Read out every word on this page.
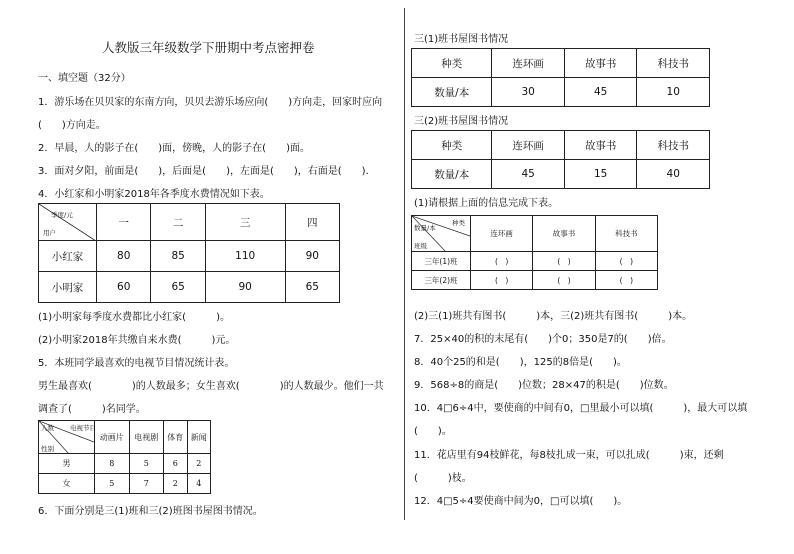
人教版三年级数学下册期中考点密押卷
一、填空题（32分）
1．游乐场在贝贝家的东南方向，贝贝去游乐场应向(　　)方向走，回家时应向
(　　)方向走。
2．早晨，人的影子在(　　)面，傍晚，人的影子在(　　)面。
3．面对夕阳，前面是(　　)，后面是(　　)，左面是(　　)，右面是(　　)．
4．小红家和小明家2018年各季度水费情况如下表。
季度/元
用户	一	二	三	四
小红家	80	85	110	90
小明家	60	65	90	65
(1)小明家每季度水费都比小红家(　　　)。
(2)小明家2018年共缴自来水费(　　　)元。
5．本班同学最喜欢的电视节目情况统计表。
男生最喜欢(　　　　)的人数最多；女生喜欢(　　　　)的人数最少。他们一共
调查了(　　　)名同学。
人数 电视节目
性别	动画片	电视剧	体育	新闻
男	8	5	6	2
女	5	7	2	4
6．下面分别是三(1)班和三(2)班图书屋图书情况。
三(1)班书屋图书情况
种类	连环画	故事书	科技书
数量/本	30	45	10
三(2)班书屋图书情况
种类	连环画	故事书	科技书
数量/本	45	15	40
(1)请根据上面的信息完成下表。
数量/本
种类
班级	连环画	故事书	科技书
三年(1)班	(　)	(　)	(　)
三年(2)班	(　)	(　)	(　)
(2)三(1)班共有图书(　　　)本，三(2)班共有图书(　　　)本。
7．25×40的积的末尾有(　　)个0；350是7的(　　)倍。
8．40个25的和是(　　)，125的8倍是(　　)。
9．568÷8的商是(　　)位数；28×47的积是(　　)位数。
10．4□6÷4中，要使商的中间有0，□里最小可以填(　　　)，最大可以填
(　　)。
11．花店里有94枝鲜花，每8枝扎成一束，可以扎成(　　　)束，还剩
(　　　)枝。
12．4□5÷4要使商中间为0，□可以填(　　)。
